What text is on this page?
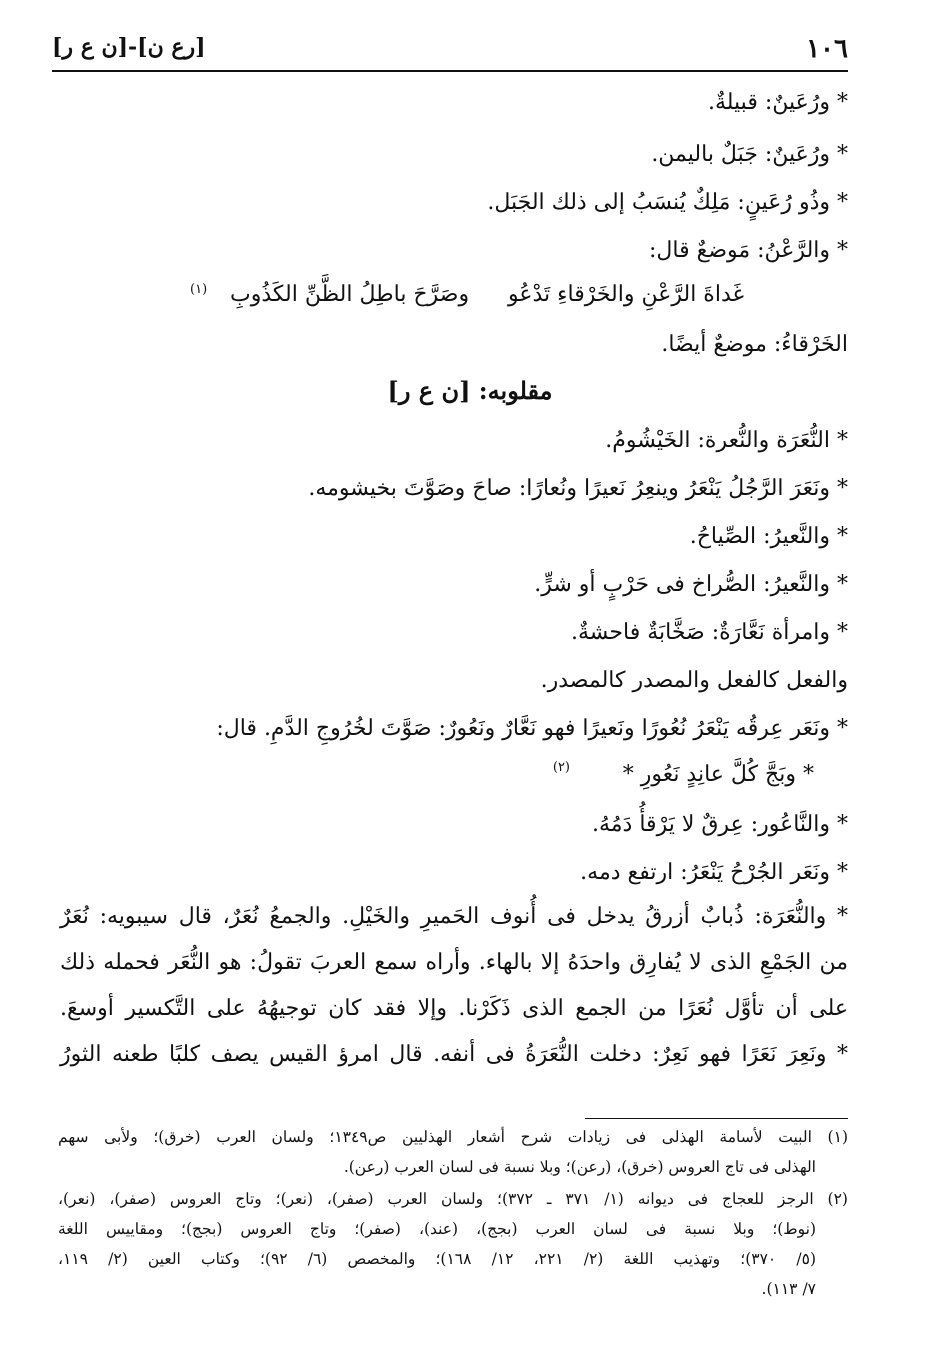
١٠٦
[رع ن]-[ن ع ر]
* ورُعَينٌ: قبيلةٌ.
* ورُعَينٌ: جَبَلٌ باليمن.
* وذُو رُعَينٍ: مَلِكٌ يُنسَبُ إلى ذلك الجَبَل.
* والرَّعْنُ: مَوضعٌ قال:
غَداةَ الرَّعْنِ والخَرْقاءِ تَدْعُو
وصَرَّحَ باطِلُ الظَّنِّ الكَذُوبِ
(١)
الخَرْقاءُ: موضعٌ أيضًا.
مقلوبه: [ن ع ر]
* النُّعَرَة والنُّعرة: الخَيْشُومُ.
* ونَعَرَ الرَّجُلُ يَنْعَرُ وينعِرُ نَعيرًا ونُعارًا: صاحَ وصَوَّتَ بخيشومه.
* والنَّعيرُ: الصِّياحُ.
* والنَّعيرُ: الصُّراخ فى حَرْبٍ أو شرٍّ.
* وامرأة نَعَّارَةٌ: صَخَّابَةٌ فاحشةٌ.
والفعل كالفعل والمصدر كالمصدر.
* ونَعَر عِرقُه يَنْعَرُ نُعُورًا ونَعيرًا فهو نَعَّارٌ ونَعُورٌ: صَوَّتَ لخُرُوجِ الدَّمِ. قال:
* وبَجَّ كُلَّ عانِدٍ نَعُورِ *
(٢)
* والنَّاعُور: عِرقٌ لا يَرْقأُ دَمُهُ.
* ونَعَر الجُرْحُ يَنْعَرُ: ارتفع دمه.
* والنُّعَرَة: ذُبابٌ أزرقُ يدخل فى أُنوف الحَميرِ والخَيْلِ. والجمعُ نُعَرٌ، قال سيبويه: نُعَرٌ
من الجَمْعِ الذى لا يُفارِق واحدَهُ إلا بالهاء. وأراه سمع العربَ تقولُ: هو النُّعَر فحمله ذلك
على أن تأوَّل نُعَرًا من الجمع الذى ذَكَرْنا. وإلا فقد كان توجيهُهُ على التَّكسير أوسعَ.
* ونَعِرَ نَعَرًا فهو نَعِرٌ: دخلت النُّعَرَةُ فى أنفه. قال امرؤ القيس يصف كلبًا طعنه الثورُ
(١) البيت لأسامة الهذلى فى زيادات شرح أشعار الهذليين ص١٣٤٩؛ ولسان العرب (خرق)؛ ولأبى سهم
الهذلى فى تاج العروس (خرق)، (رعن)؛ وبلا نسبة فى لسان العرب (رعن).
(٢) الرجز للعجاج فى ديوانه (١/ ٣٧١ ـ ٣٧٢)؛ ولسان العرب (صفر)، (نعر)؛ وتاج العروس (صفر)، (نعر)،
(نوط)؛ وبلا نسبة فى لسان العرب (بجج)، (عند)، (صفر)؛ وتاج العروس (بجج)؛ ومقاييس اللغة
(٥/ ٣٧٠)؛ وتهذيب اللغة (٢/ ٢٢١، ١٢/ ١٦٨)؛ والمخصص (٦/ ٩٢)؛ وكتاب العين (٢/ ١١٩،
٧/ ١١٣).
